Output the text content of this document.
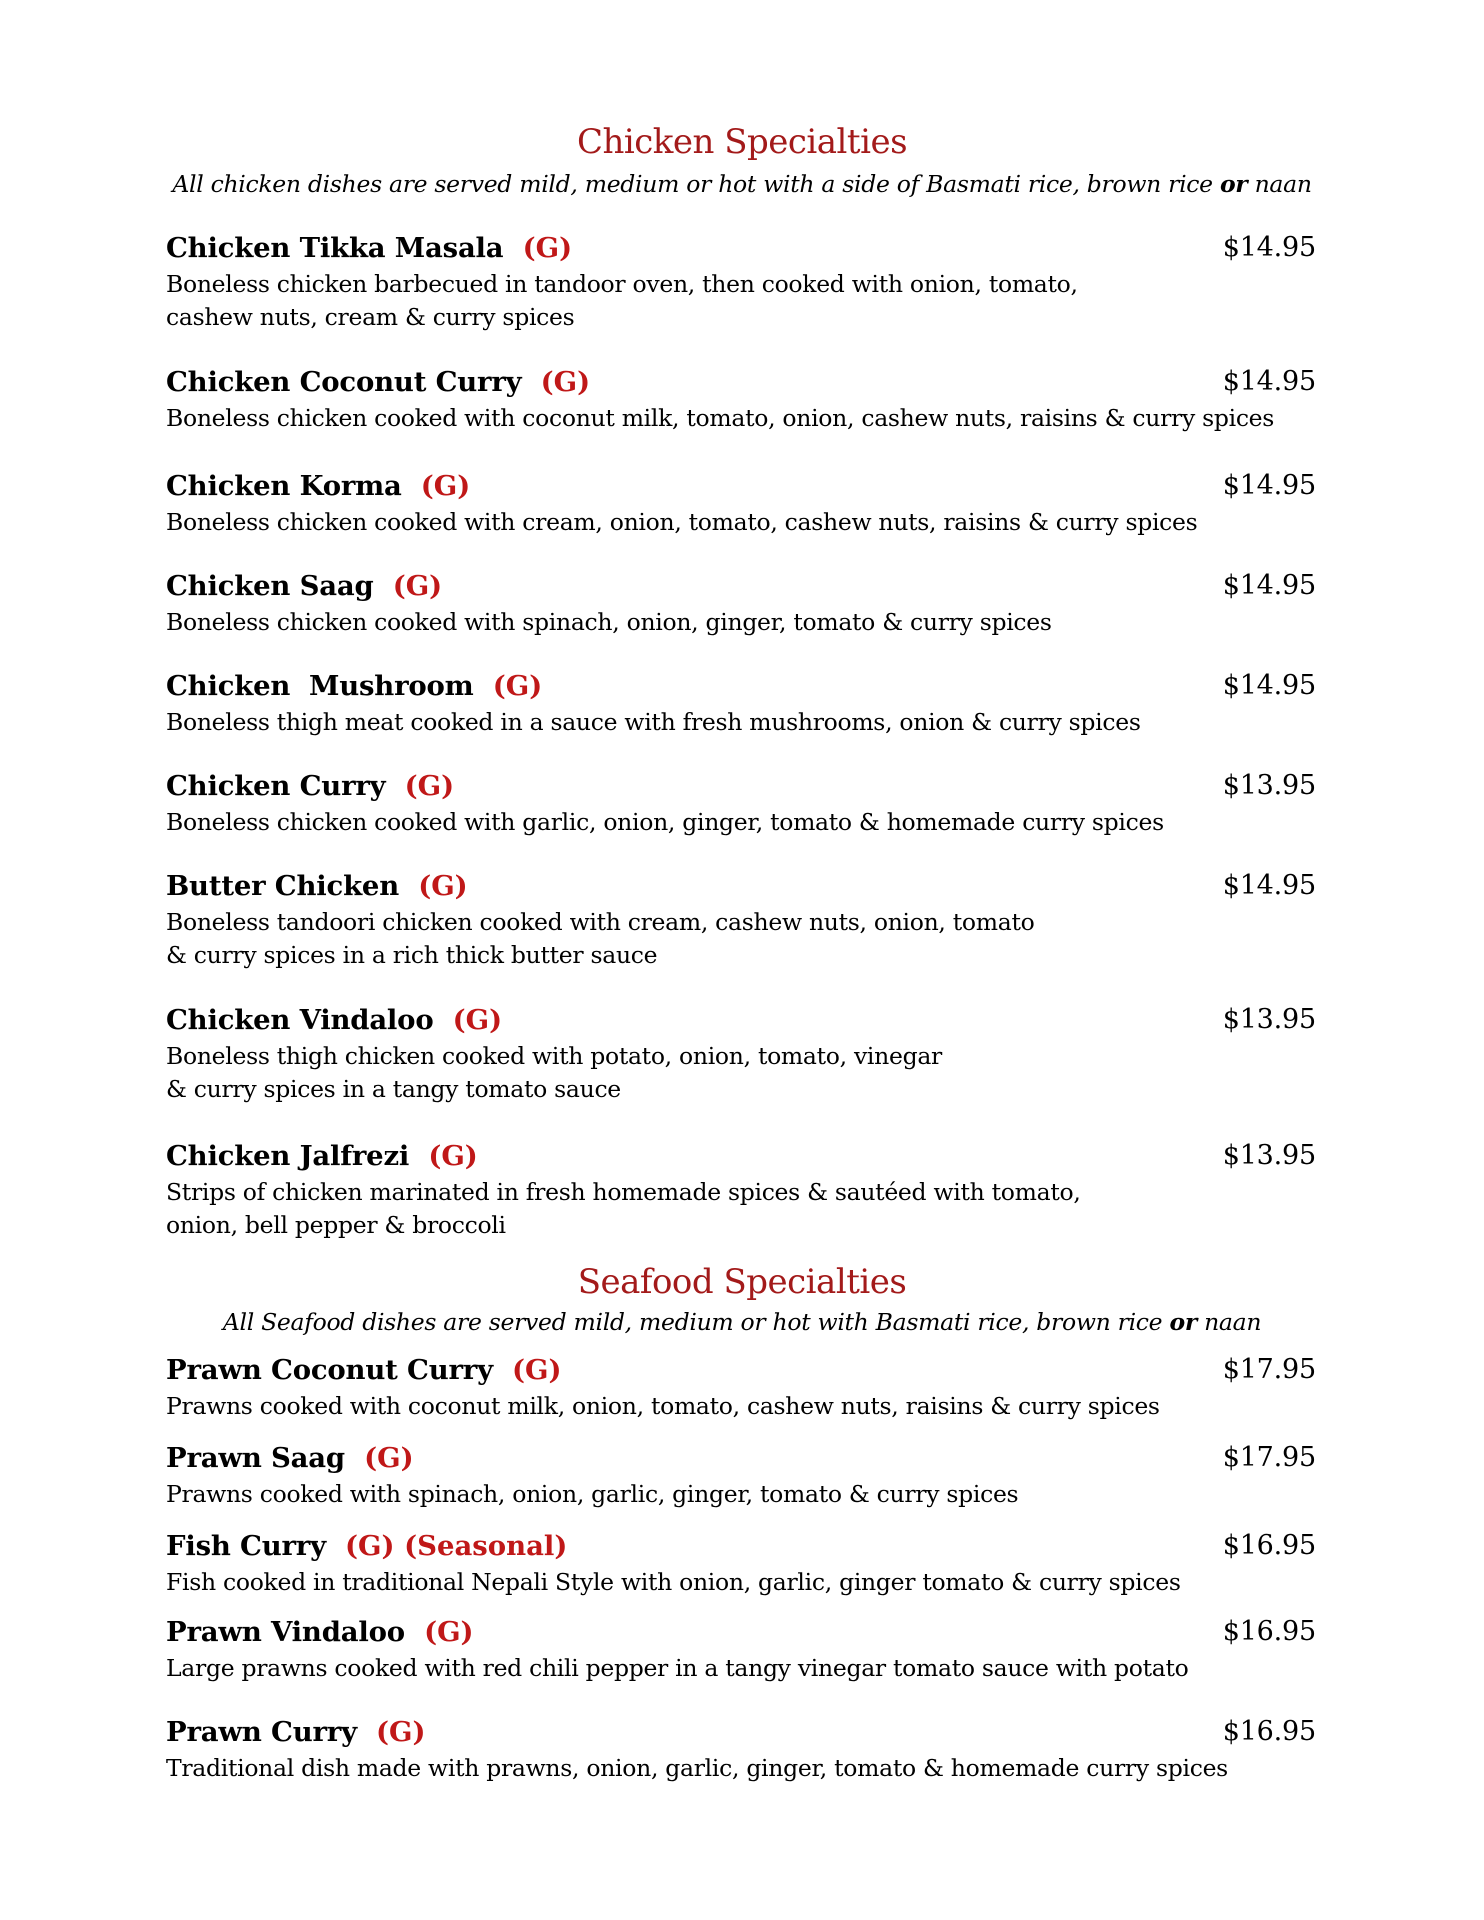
Chicken Specialties
All chicken dishes are served mild, medium or hot with a side of Basmati rice, brown rice or naan
Chicken Tikka Masala (G)	$14.95
Boneless chicken barbecued in tandoor oven, then cooked with onion, tomato,
cashew nuts, cream & curry spices
Chicken Coconut Curry (G)	$14.95
Boneless chicken cooked with coconut milk, tomato, onion, cashew nuts, raisins & curry spices
Chicken Korma (G)	$14.95
Boneless chicken cooked with cream, onion, tomato, cashew nuts, raisins & curry spices
Chicken Saag (G)	$14.95
Boneless chicken cooked with spinach, onion, ginger, tomato & curry spices
Chicken  Mushroom (G)	$14.95
Boneless thigh meat cooked in a sauce with fresh mushrooms, onion & curry spices
Chicken Curry (G)	$13.95
Boneless chicken cooked with garlic, onion, ginger, tomato & homemade curry spices
Butter Chicken (G)	$14.95
Boneless tandoori chicken cooked with cream, cashew nuts, onion, tomato
& curry spices in a rich thick butter sauce
Chicken Vindaloo (G)	$13.95
Boneless thigh chicken cooked with potato, onion, tomato, vinegar
& curry spices in a tangy tomato sauce
Chicken Jalfrezi (G)	$13.95
Strips of chicken marinated in fresh homemade spices & sautéed with tomato,
onion, bell pepper & broccoli
Seafood Specialties
All Seafood dishes are served mild, medium or hot with Basmati rice, brown rice or naan
Prawn Coconut Curry (G)	$17.95
Prawns cooked with coconut milk, onion, tomato, cashew nuts, raisins & curry spices
Prawn Saag (G)	$17.95
Prawns cooked with spinach, onion, garlic, ginger, tomato & curry spices
Fish Curry (G) (Seasonal)	$16.95
Fish cooked in traditional Nepali Style with onion, garlic, ginger tomato & curry spices
Prawn Vindaloo (G)	$16.95
Large prawns cooked with red chili pepper in a tangy vinegar tomato sauce with potato
Prawn Curry (G)	$16.95
Traditional dish made with prawns, onion, garlic, ginger, tomato & homemade curry spices
